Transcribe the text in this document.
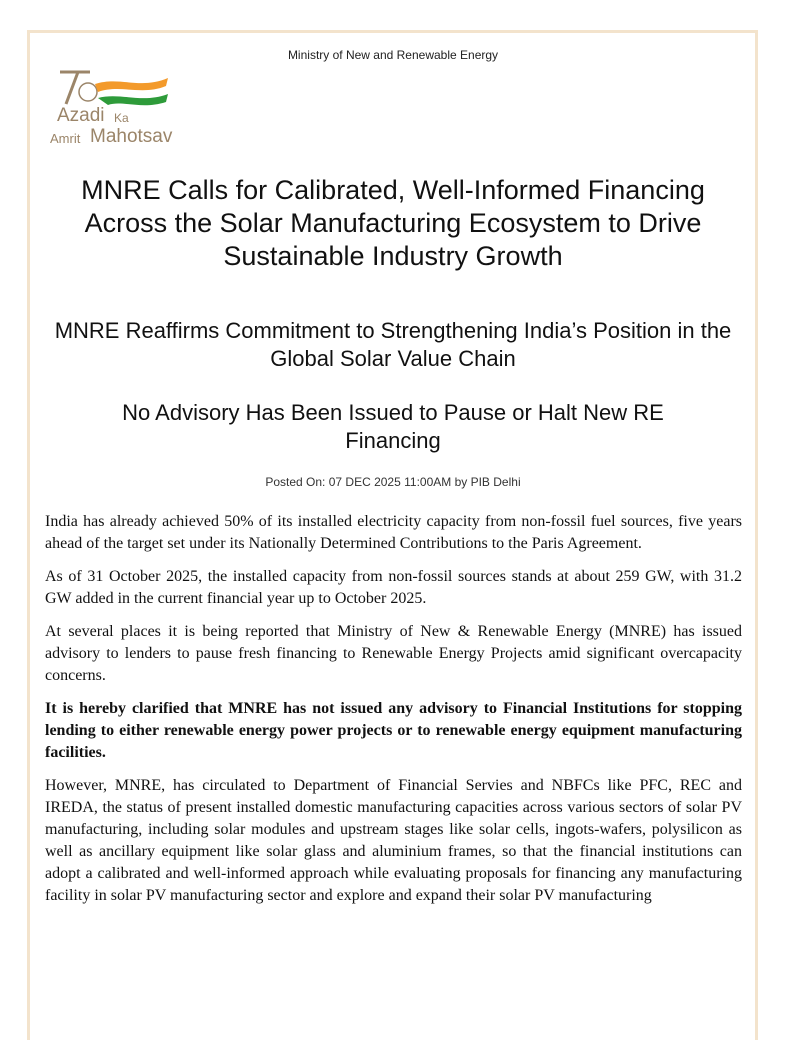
Ministry of New and Renewable Energy
Azadi Ka
Amrit Mahotsav
MNRE Calls for Calibrated, Well-Informed Financing Across the Solar Manufacturing Ecosystem to Drive Sustainable Industry Growth
MNRE Reaffirms Commitment to Strengthening India’s Position in the Global Solar Value Chain
No Advisory Has Been Issued to Pause or Halt New RE Financing
Posted On: 07 DEC 2025 11:00AM by PIB Delhi

India has already achieved 50% of its installed electricity capacity from non-fossil fuel sources, five years ahead of the target set under its Nationally Determined Contributions to the Paris Agreement.

As of 31 October 2025, the installed capacity from non-fossil sources stands at about 259 GW, with 31.2 GW added in the current financial year up to October 2025.

At several places it is being reported that Ministry of New & Renewable Energy (MNRE) has issued advisory to lenders to pause fresh financing to Renewable Energy Projects amid significant overcapacity concerns.

It is hereby clarified that MNRE has not issued any advisory to Financial Institutions for stopping lending to either renewable energy power projects or to renewable energy equipment manufacturing facilities.

However, MNRE, has circulated to Department of Financial Servies and NBFCs like PFC, REC and IREDA, the status of present installed domestic manufacturing capacities across various sectors of solar PV manufacturing, including solar modules and upstream stages like solar cells, ingots-wafers, polysilicon as well as ancillary equipment like solar glass and aluminium frames, so that the financial institutions can adopt a calibrated and well-informed approach while evaluating proposals for financing any manufacturing facility in solar PV manufacturing sector and explore and expand their solar PV manufacturing
